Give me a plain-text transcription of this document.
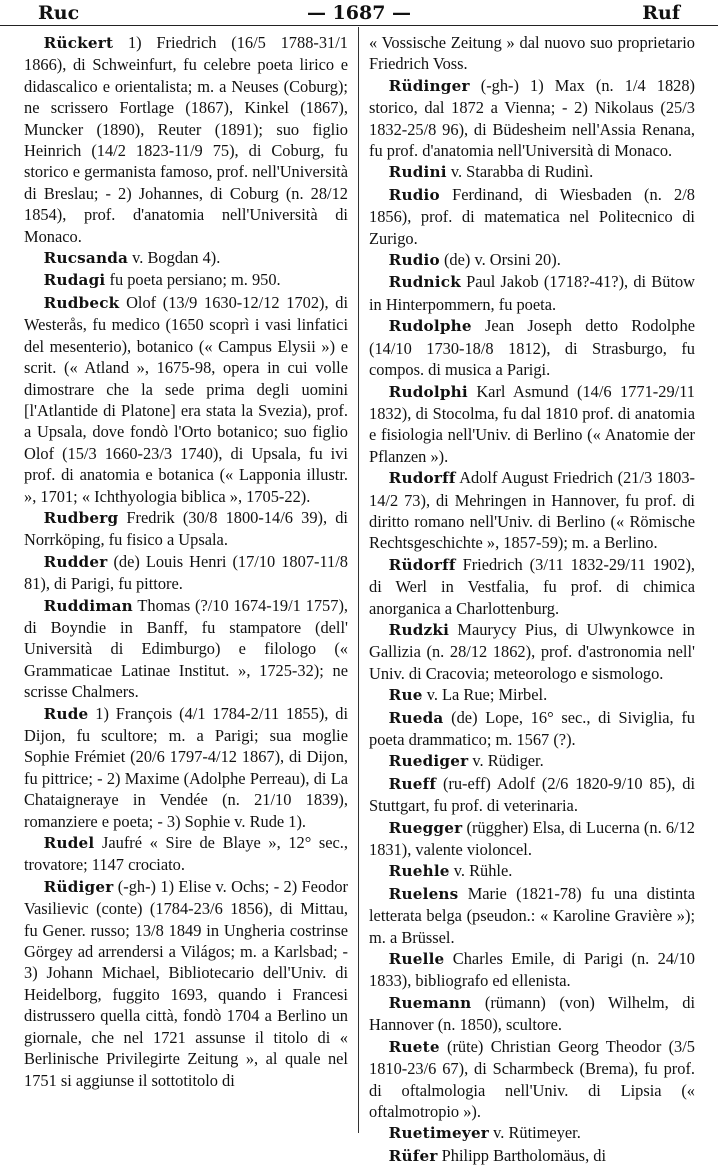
Ruc	— 1687 —	Ruf

Rückert 1) Friedrich (16/5 1788-31/1 1866), di Schweinfurt, fu celebre poeta lirico e didascalico e orientalista; m. a Neuses (Coburg); ne scrissero Fortlage (1867), Kinkel (1867), Muncker (1890), Reuter (1891); suo figlio Heinrich (14/2 1823-11/9 75), di Coburg, fu storico e germanista famoso, prof. nell'Università di Breslau; - 2) Johannes, di Coburg (n. 28/12 1854), prof. d'anatomia nell'Università di Monaco.

Rucsanda v. Bogdan 4).

Rudagi fu poeta persiano; m. 950.

Rudbeck Olof (13/9 1630-12/12 1702), di Westerås, fu medico (1650 scoprì i vasi linfatici del mesenterio), botanico (« Campus Elysii ») e scrit. (« Atland », 1675-98, opera in cui volle dimostrare che la sede prima degli uomini [l'Atlantide di Platone] era stata la Svezia), prof. a Upsala, dove fondò l'Orto botanico; suo figlio Olof (15/3 1660-23/3 1740), di Upsala, fu ivi prof. di anatomia e botanica (« Lapponia illustr. », 1701; « Ichthyologia biblica », 1705-22).

Rudberg Fredrik (30/8 1800-14/6 39), di Norrköping, fu fisico a Upsala.

Rudder (de) Louis Henri (17/10 1807-11/8 81), di Parigi, fu pittore.

Ruddiman Thomas (?/10 1674-19/1 1757), di Boyndie in Banff, fu stampatore (dell' Università di Edimburgo) e filologo (« Grammaticae Latinae Institut. », 1725-32); ne scrisse Chalmers.

Rude 1) François (4/1 1784-2/11 1855), di Dijon, fu scultore; m. a Parigi; sua moglie Sophie Frémiet (20/6 1797-4/12 1867), di Dijon, fu pittrice; - 2) Maxime (Adolphe Perreau), di La Chataigneraye in Vendée (n. 21/10 1839), romanziere e poeta; - 3) Sophie v. Rude 1).

Rudel Jaufré « Sire de Blaye », 12° sec., trovatore; 1147 crociato.

Rüdiger (-gh-) 1) Elise v. Ochs; - 2) Feodor Vasilievic (conte) (1784-23/6 1856), di Mittau, fu Gener. russo; 13/8 1849 in Ungheria costrinse Görgey ad arrendersi a Világos; m. a Karlsbad; - 3) Johann Michael, Bibliotecario dell'Univ. di Heidelborg, fuggito 1693, quando i Francesi distrussero quella città, fondò 1704 a Berlino un giornale, che nel 1721 assunse il titolo di « Berlinische Privilegirte Zeitung », al quale nel 1751 si aggiunse il sottotitolo di

« Vossische Zeitung » dal nuovo suo proprietario Friedrich Voss.

Rüdinger (-gh-) 1) Max (n. 1/4 1828) storico, dal 1872 a Vienna; - 2) Nikolaus (25/3 1832-25/8 96), di Büdesheim nell'Assia Renana, fu prof. d'anatomia nell'Università di Monaco.

Rudini v. Starabba di Rudinì.

Rudio Ferdinand, di Wiesbaden (n. 2/8 1856), prof. di matematica nel Politecnico di Zurigo.

Rudio (de) v. Orsini 20).

Rudnick Paul Jakob (1718?-41?), di Bütow in Hinterpommern, fu poeta.

Rudolphe Jean Joseph detto Rodolphe (14/10 1730-18/8 1812), di Strasburgo, fu compos. di musica a Parigi.

Rudolphi Karl Asmund (14/6 1771-29/11 1832), di Stocolma, fu dal 1810 prof. di anatomia e fisiologia nell'Univ. di Berlino (« Anatomie der Pflanzen »).

Rudorff Adolf August Friedrich (21/3 1803-14/2 73), di Mehringen in Hannover, fu prof. di diritto romano nell'Univ. di Berlino (« Römische Rechtsgeschichte », 1857-59); m. a Berlino.

Rüdorff Friedrich (3/11 1832-29/11 1902), di Werl in Vestfalia, fu prof. di chimica anorganica a Charlottenburg.

Rudzki Maurycy Pius, di Ulwynkowce in Gallizia (n. 28/12 1862), prof. d'astronomia nell' Univ. di Cracovia; meteorologo e sismologo.

Rue v. La Rue; Mirbel.

Rueda (de) Lope, 16° sec., di Siviglia, fu poeta drammatico; m. 1567 (?).

Ruediger v. Rüdiger.

Rueff (ru-eff) Adolf (2/6 1820-9/10 85), di Stuttgart, fu prof. di veterinaria.

Ruegger (rüggher) Elsa, di Lucerna (n. 6/12 1831), valente violoncel.

Ruehle v. Rühle.

Ruelens Marie (1821-78) fu una distinta letterata belga (pseudon.: « Karoline Gravière »); m. a Brüssel.

Ruelle Charles Emile, di Parigi (n. 24/10 1833), bibliografo ed ellenista.

Ruemann (rümann) (von) Wilhelm, di Hannover (n. 1850), scultore.

Ruete (rüte) Christian Georg Theodor (3/5 1810-23/6 67), di Scharmbeck (Brema), fu prof. di oftalmologia nell'Univ. di Lipsia (« oftalmotropio »).

Ruetimeyer v. Rütimeyer.

Rüfer Philipp Bartholomäus, di
